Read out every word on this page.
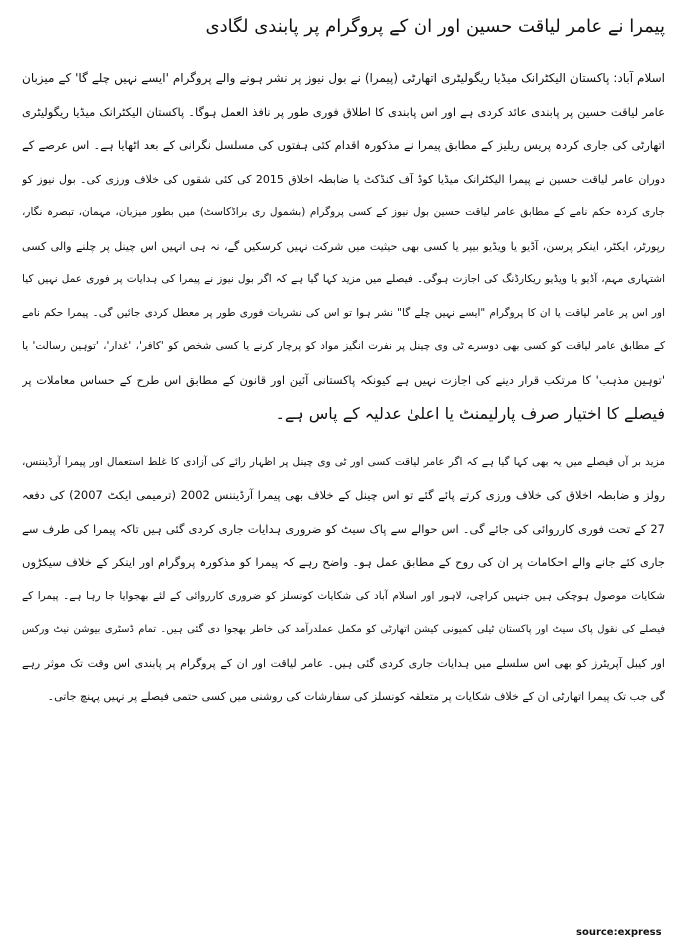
پیمرا نے عامر لیاقت حسین اور ان کے پروگرام پر پابندی لگادی
اسلام آباد: پاکستان الیکٹرانک میڈیا ریگولیٹری اتھارٹی (پیمرا) نے بول نیوز پر نشر ہونے والے پروگرام 'ایسے نہیں چلے گا' کے میزبان
عامر لیاقت حسین پر پابندی عائد کردی ہے اور اس پابندی کا اطلاق فوری طور پر نافذ العمل ہوگا۔ پاکستان الیکٹرانک میڈیا ریگولیٹری
اتھارٹی کی جاری کردہ پریس ریلیز کے مطابق پیمرا نے مذکورہ اقدام کئی ہفتوں کی مسلسل نگرانی کے بعد اٹھایا ہے۔ اس عرصے کے
دوران عامر لیاقت حسین نے پیمرا الیکٹرانک میڈیا کوڈ آف کنڈکٹ یا ضابطہ اخلاق 2015 کی کئی شقوں کی خلاف ورزی کی۔ بول نیوز کو
جاری کردہ حکم نامے کے مطابق عامر لیاقت حسین بول نیوز کے کسی پروگرام (بشمول ری براڈکاسٹ) میں بطور میزبان، مہمان، تبصرہ نگار،
رپورٹر، ایکٹر، اینکر پرسن، آڈیو یا ویڈیو بیپر یا کسی بھی حیثیت میں شرکت نہیں کرسکیں گے، نہ ہی انہیں اس چینل پر چلنے والی کسی
اشتہاری مہم، آڈیو یا ویڈیو ریکارڈنگ کی اجازت ہوگی۔ فیصلے میں مزید کہا گیا ہے کہ اگر بول نیوز نے پیمرا کی ہدایات پر فوری عمل نہیں کیا
اور اس پر عامر لیاقت یا ان کا پروگرام "ایسے نہیں چلے گا" نشر ہوا تو اس کی نشریات فوری طور پر معطل کردی جائیں گی۔ پیمرا حکم نامے
کے مطابق عامر لیاقت کو کسی بھی دوسرے ٹی وی چینل پر نفرت انگیز مواد کو پرچار کرنے یا کسی شخص کو 'کافر'، 'غدار'، 'توہین رسالت' یا
'توہین مذہب' کا مرتکب قرار دینے کی اجازت نہیں ہے کیونکہ پاکستانی آئین اور قانون کے مطابق اس طرح کے حساس معاملات پر
فیصلے کا اختیار صرف پارلیمنٹ یا اعلیٰ عدلیہ کے پاس ہے۔
مزید بر آں فیصلے میں یہ بھی کہا گیا ہے کہ اگر عامر لیاقت کسی اور ٹی وی چینل پر اظہار رائے کی آزادی کا غلط استعمال اور پیمرا آرڈیننس،
رولز و ضابطہ اخلاق کی خلاف ورزی کرتے پائے گئے تو اس چینل کے خلاف بھی پیمرا آرڈیننس 2002 (ترمیمی ایکٹ 2007) کی دفعہ
27 کے تحت فوری کارروائی کی جائے گی۔ اس حوالے سے پاک سیٹ کو ضروری ہدایات جاری کردی گئی ہیں تاکہ پیمرا کی طرف سے
جاری کئے جانے والے احکامات پر ان کی روح کے مطابق عمل ہو۔ واضح رہے کہ پیمرا کو مذکورہ پروگرام اور اینکر کے خلاف سیکڑوں
شکایات موصول ہوچکی ہیں جنہیں کراچی، لاہور اور اسلام آباد کی شکایات کونسلز کو ضروری کارروائی کے لئے بھجوایا جا رہا ہے۔ پیمرا کے
فیصلے کی نقول پاک سیٹ اور پاکستان ٹیلی کمیونی کیشن اتھارٹی کو مکمل عملدرآمد کی خاطر بھجوا دی گئی ہیں۔ تمام ڈسٹری بیوشن نیٹ ورکس
اور کیبل آپریٹرز کو بھی اس سلسلے میں ہدایات جاری کردی گئی ہیں۔ عامر لیاقت اور ان کے پروگرام پر پابندی اس وقت تک موثر رہے
گی جب تک پیمرا اتھارٹی ان کے خلاف شکایات پر متعلقہ کونسلز کی سفارشات کی روشنی میں کسی حتمی فیصلے پر نہیں پہنچ جاتی۔
source:express
